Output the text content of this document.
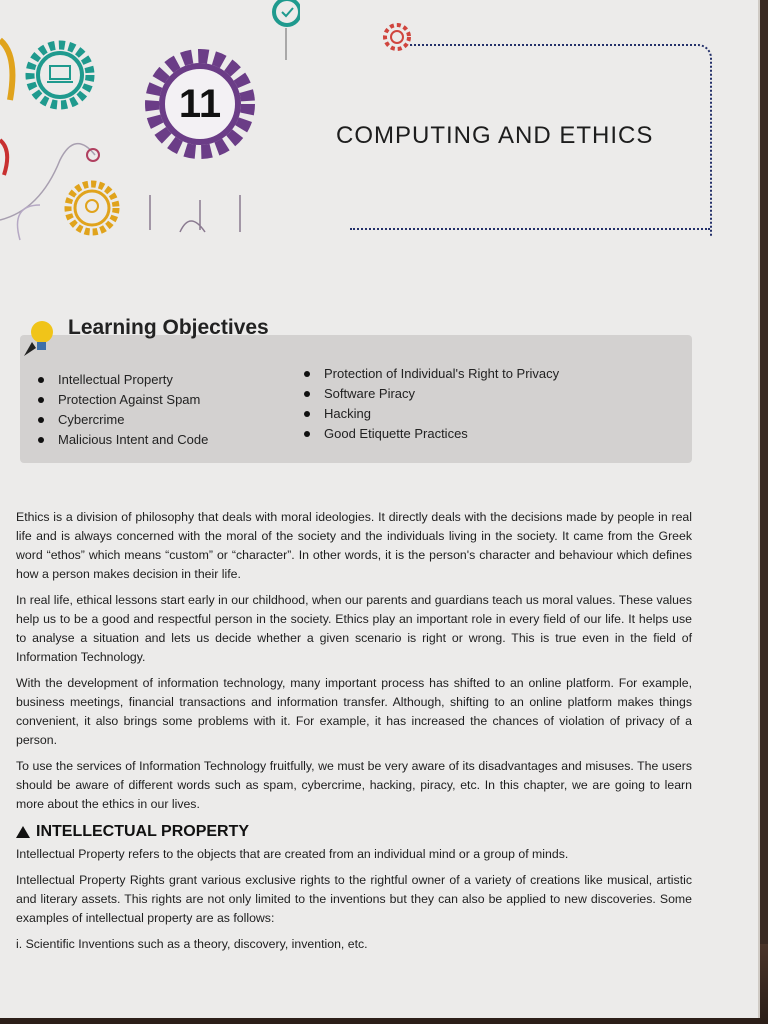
11
COMPUTING AND ETHICS
Learning Objectives
Intellectual Property
Protection Against Spam
Cybercrime
Malicious Intent and Code
Protection of Individual's Right to Privacy
Software Piracy
Hacking
Good Etiquette Practices

Ethics is a division of philosophy that deals with moral ideologies. It directly deals with the decisions made by people in real life and is always concerned with the moral of the society and the individuals living in the society. It came from the Greek word “ethos” which means “custom” or “character”. In other words, it is the person's character and behaviour which defines how a person makes decision in their life.

In real life, ethical lessons start early in our childhood, when our parents and guardians teach us moral values. These values help us to be a good and respectful person in the society. Ethics play an important role in every field of our life. It helps use to analyse a situation and lets us decide whether a given scenario is right or wrong. This is true even in the field of Information Technology.

With the development of information technology, many important process has shifted to an online platform. For example, business meetings, financial transactions and information transfer. Although, shifting to an online platform makes things convenient, it also brings some problems with it. For example, it has increased the chances of violation of privacy of a person.

To use the services of Information Technology fruitfully, we must be very aware of its disadvantages and misuses. The users should be aware of different words such as spam, cybercrime, hacking, piracy, etc. In this chapter, we are going to learn more about the ethics in our lives.

INTELLECTUAL PROPERTY

Intellectual Property refers to the objects that are created from an individual mind or a group of minds.

Intellectual Property Rights grant various exclusive rights to the rightful owner of a variety of creations like musical, artistic and literary assets. This rights are not only limited to the inventions but they can also be applied to new discoveries. Some examples of intellectual property are as follows:

i. Scientific Inventions such as a theory, discovery, invention, etc.
